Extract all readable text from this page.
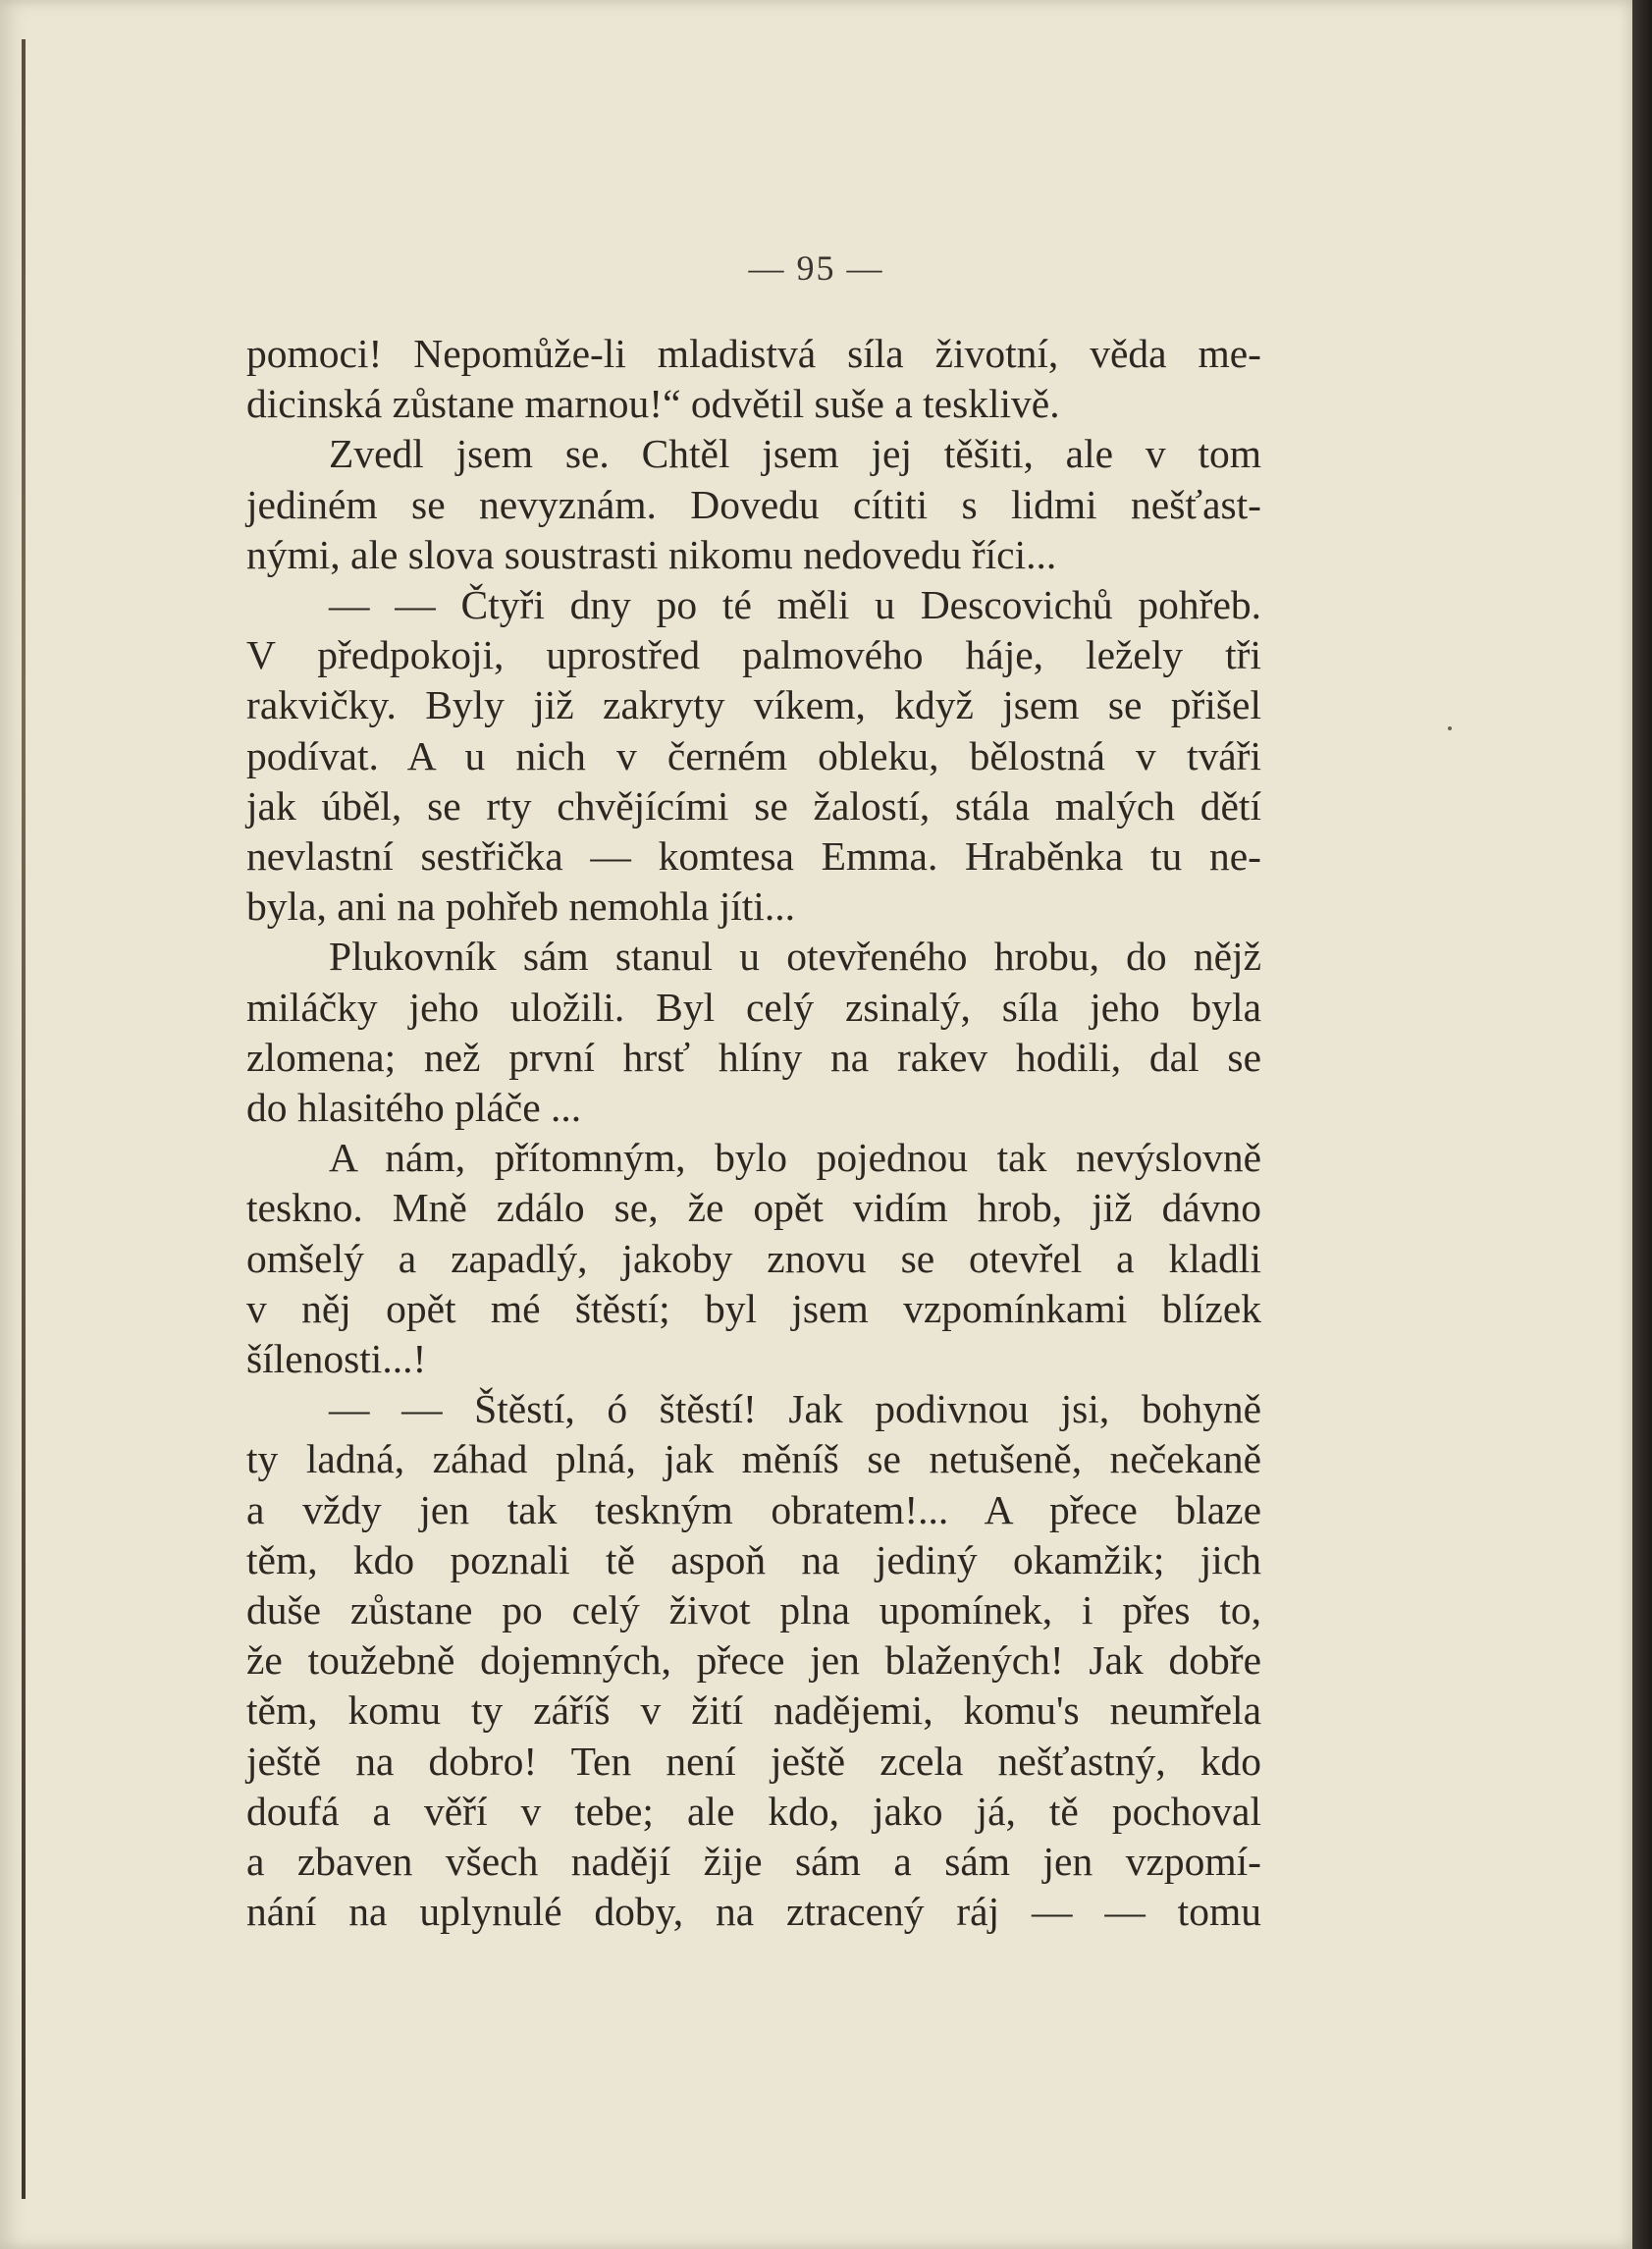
— 95 —
pomoci! Nepomůže-li mladistvá síla životní, věda me-
dicinská zůstane marnou!“ odvětil suše a tesklivě.
Zvedl jsem se. Chtěl jsem jej těšiti, ale v tom
jediném se nevyznám. Dovedu cítiti s lidmi nešťast-
nými, ale slova soustrasti nikomu nedovedu říci...
— — Čtyři dny po té měli u Descovichů pohřeb.
V předpokoji, uprostřed palmového háje, ležely tři
rakvičky. Byly již zakryty víkem, když jsem se přišel
podívat. A u nich v černém obleku, bělostná v tváři
jak úběl, se rty chvějícími se žalostí, stála malých dětí
nevlastní sestřička — komtesa Emma. Hraběnka tu ne-
byla, ani na pohřeb nemohla jíti...
Plukovník sám stanul u otevřeného hrobu, do nějž
miláčky jeho uložili. Byl celý zsinalý, síla jeho byla
zlomena; než první hrsť hlíny na rakev hodili, dal se
do hlasitého pláče ...
A nám, přítomným, bylo pojednou tak nevýslovně
teskno. Mně zdálo se, že opět vidím hrob, již dávno
omšelý a zapadlý, jakoby znovu se otevřel a kladli
v něj opět mé štěstí; byl jsem vzpomínkami blízek
šílenosti...!
— — Štěstí, ó štěstí! Jak podivnou jsi, bohyně
ty ladná, záhad plná, jak měníš se netušeně, nečekaně
a vždy jen tak teskným obratem!... A přece blaze
těm, kdo poznali tě aspoň na jediný okamžik; jich
duše zůstane po celý život plna upomínek, i přes to,
že toužebně dojemných, přece jen blažených! Jak dobře
těm, komu ty záříš v žití nadějemi, komu's neumřela
ještě na dobro! Ten není ještě zcela nešťastný, kdo
doufá a věří v tebe; ale kdo, jako já, tě pochoval
a zbaven všech nadějí žije sám a sám jen vzpomí-
nání na uplynulé doby, na ztracený ráj — — tomu
